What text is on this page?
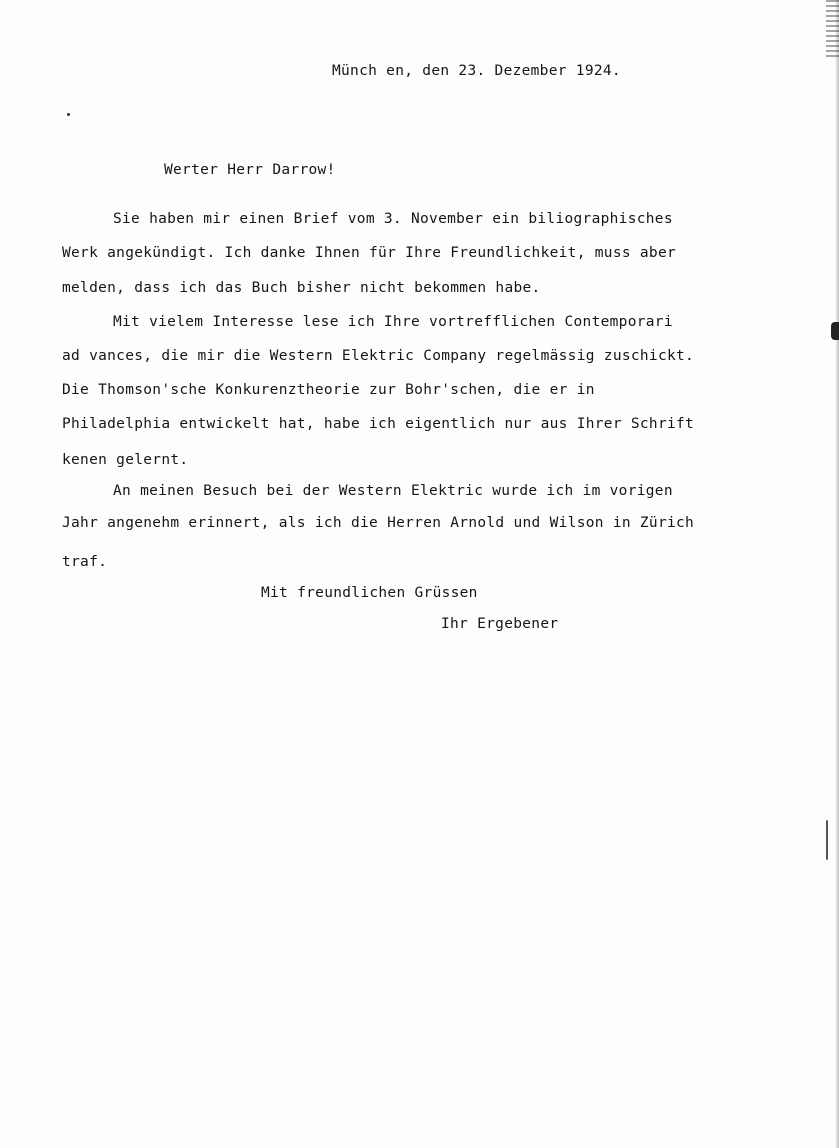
Münch en, den 23. Dezember 1924.
Werter Herr Darrow!
Sie haben mir einen Brief vom 3. November ein biliographisches
Werk angekündigt. Ich danke Ihnen für Ihre Freundlichkeit, muss aber
melden, dass ich das Buch bisher nicht bekommen habe.
Mit vielem Interesse lese ich Ihre vortrefflichen Contemporari
ad vances, die mir die Western Elektric Company regelmässig zuschickt.
Die Thomson'sche Konkurenztheorie zur Bohr'schen, die er in
Philadelphia entwickelt hat, habe ich eigentlich nur aus Ihrer Schrift
kenen gelernt.
An meinen Besuch bei der Western Elektric wurde ich im vorigen
Jahr angenehm erinnert, als ich die Herren Arnold und Wilson in Zürich
traf.
Mit freundlichen Grüssen
Ihr Ergebener
